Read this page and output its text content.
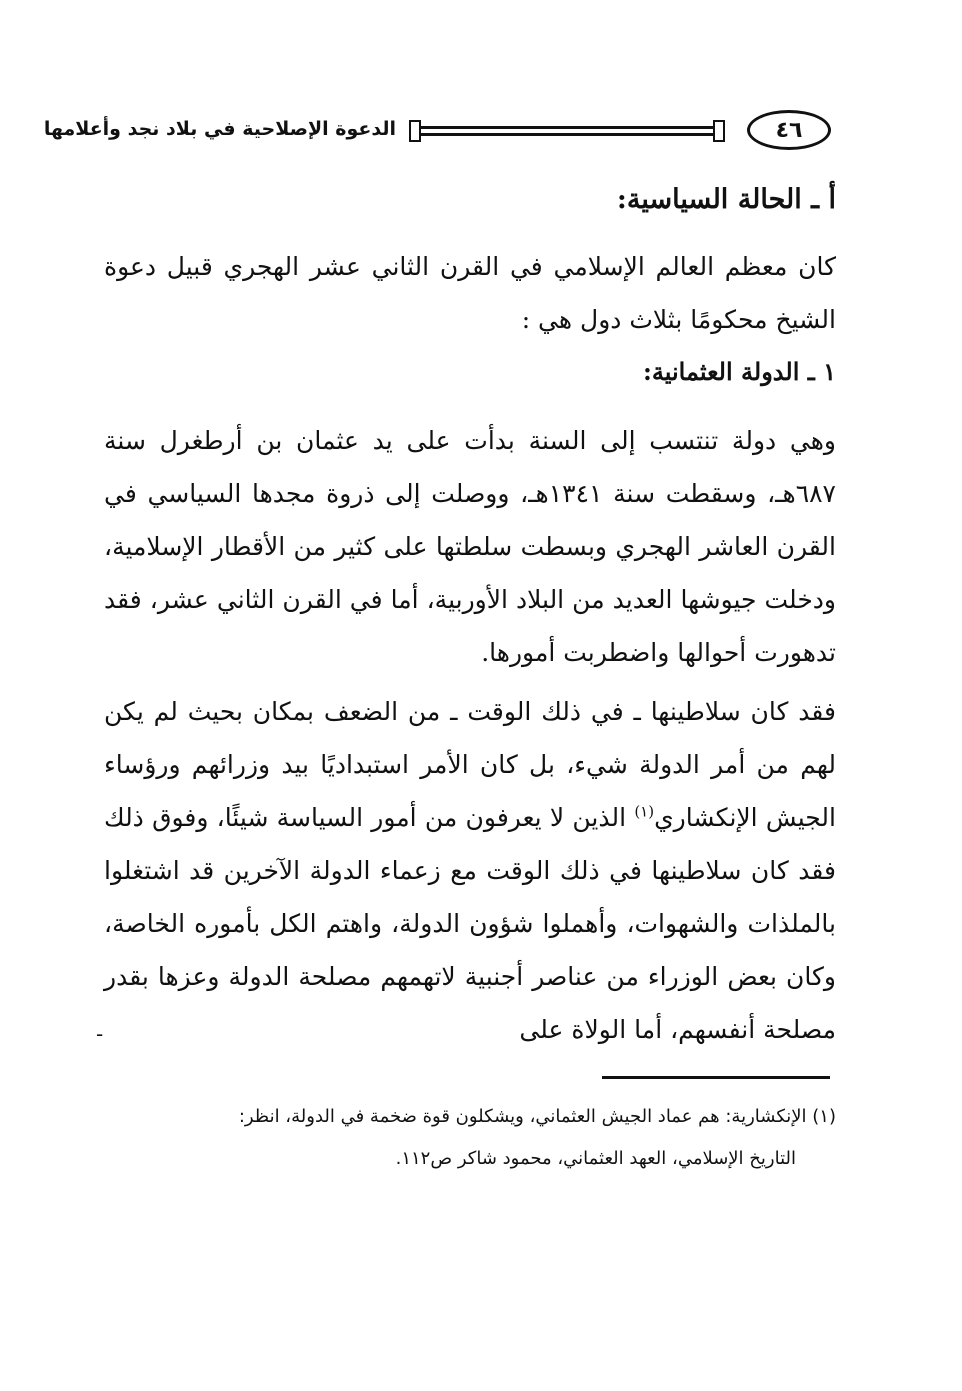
٤٦
الدعوة الإصلاحية في بلاد نجد وأعلامها
أ ـ الحالة السياسية:

كان معظم العالم الإسلامي في القرن الثاني عشر الهجري قبيل دعوة الشيخ محكومًا بثلاث دول هي :

١ ـ الدولة العثمانية:

وهي دولة تنتسب إلى السنة بدأت على يد عثمان بن أرطغرل سنة ٦٨٧هـ، وسقطت سنة ١٣٤١هـ، ووصلت إلى ذروة مجدها السياسي في القرن العاشر الهجري وبسطت سلطتها على كثير من الأقطار الإسلامية، ودخلت جيوشها العديد من البلاد الأوربية، أما في القرن الثاني عشر، فقد تدهورت أحوالها واضطربت أمورها.

فقد كان سلاطينها ـ في ذلك الوقت ـ من الضعف بمكان بحيث لم يكن لهم من أمر الدولة شيء، بل كان الأمر استبداديًا بيد وزرائهم ورؤساء الجيش الإنكشاري$^{(١)}$ الذين لا يعرفون من أمور السياسة شيئًا، وفوق ذلك فقد كان سلاطينها في ذلك الوقت مع زعماء الدولة الآخرين قد اشتغلوا بالملذات والشهوات، وأهملوا شؤون الدولة، واهتم الكل بأموره الخاصة، وكان بعض الوزراء من عناصر أجنبية لاتهمهم مصلحة الدولة وعزها بقدر مصلحة أنفسهم، أما الولاة على

-
(١) الإنكشارية: هم عماد الجيش العثماني، ويشكلون قوة ضخمة في الدولة، انظر:
التاريخ الإسلامي، العهد العثماني، محمود شاكر ص١١٢.
